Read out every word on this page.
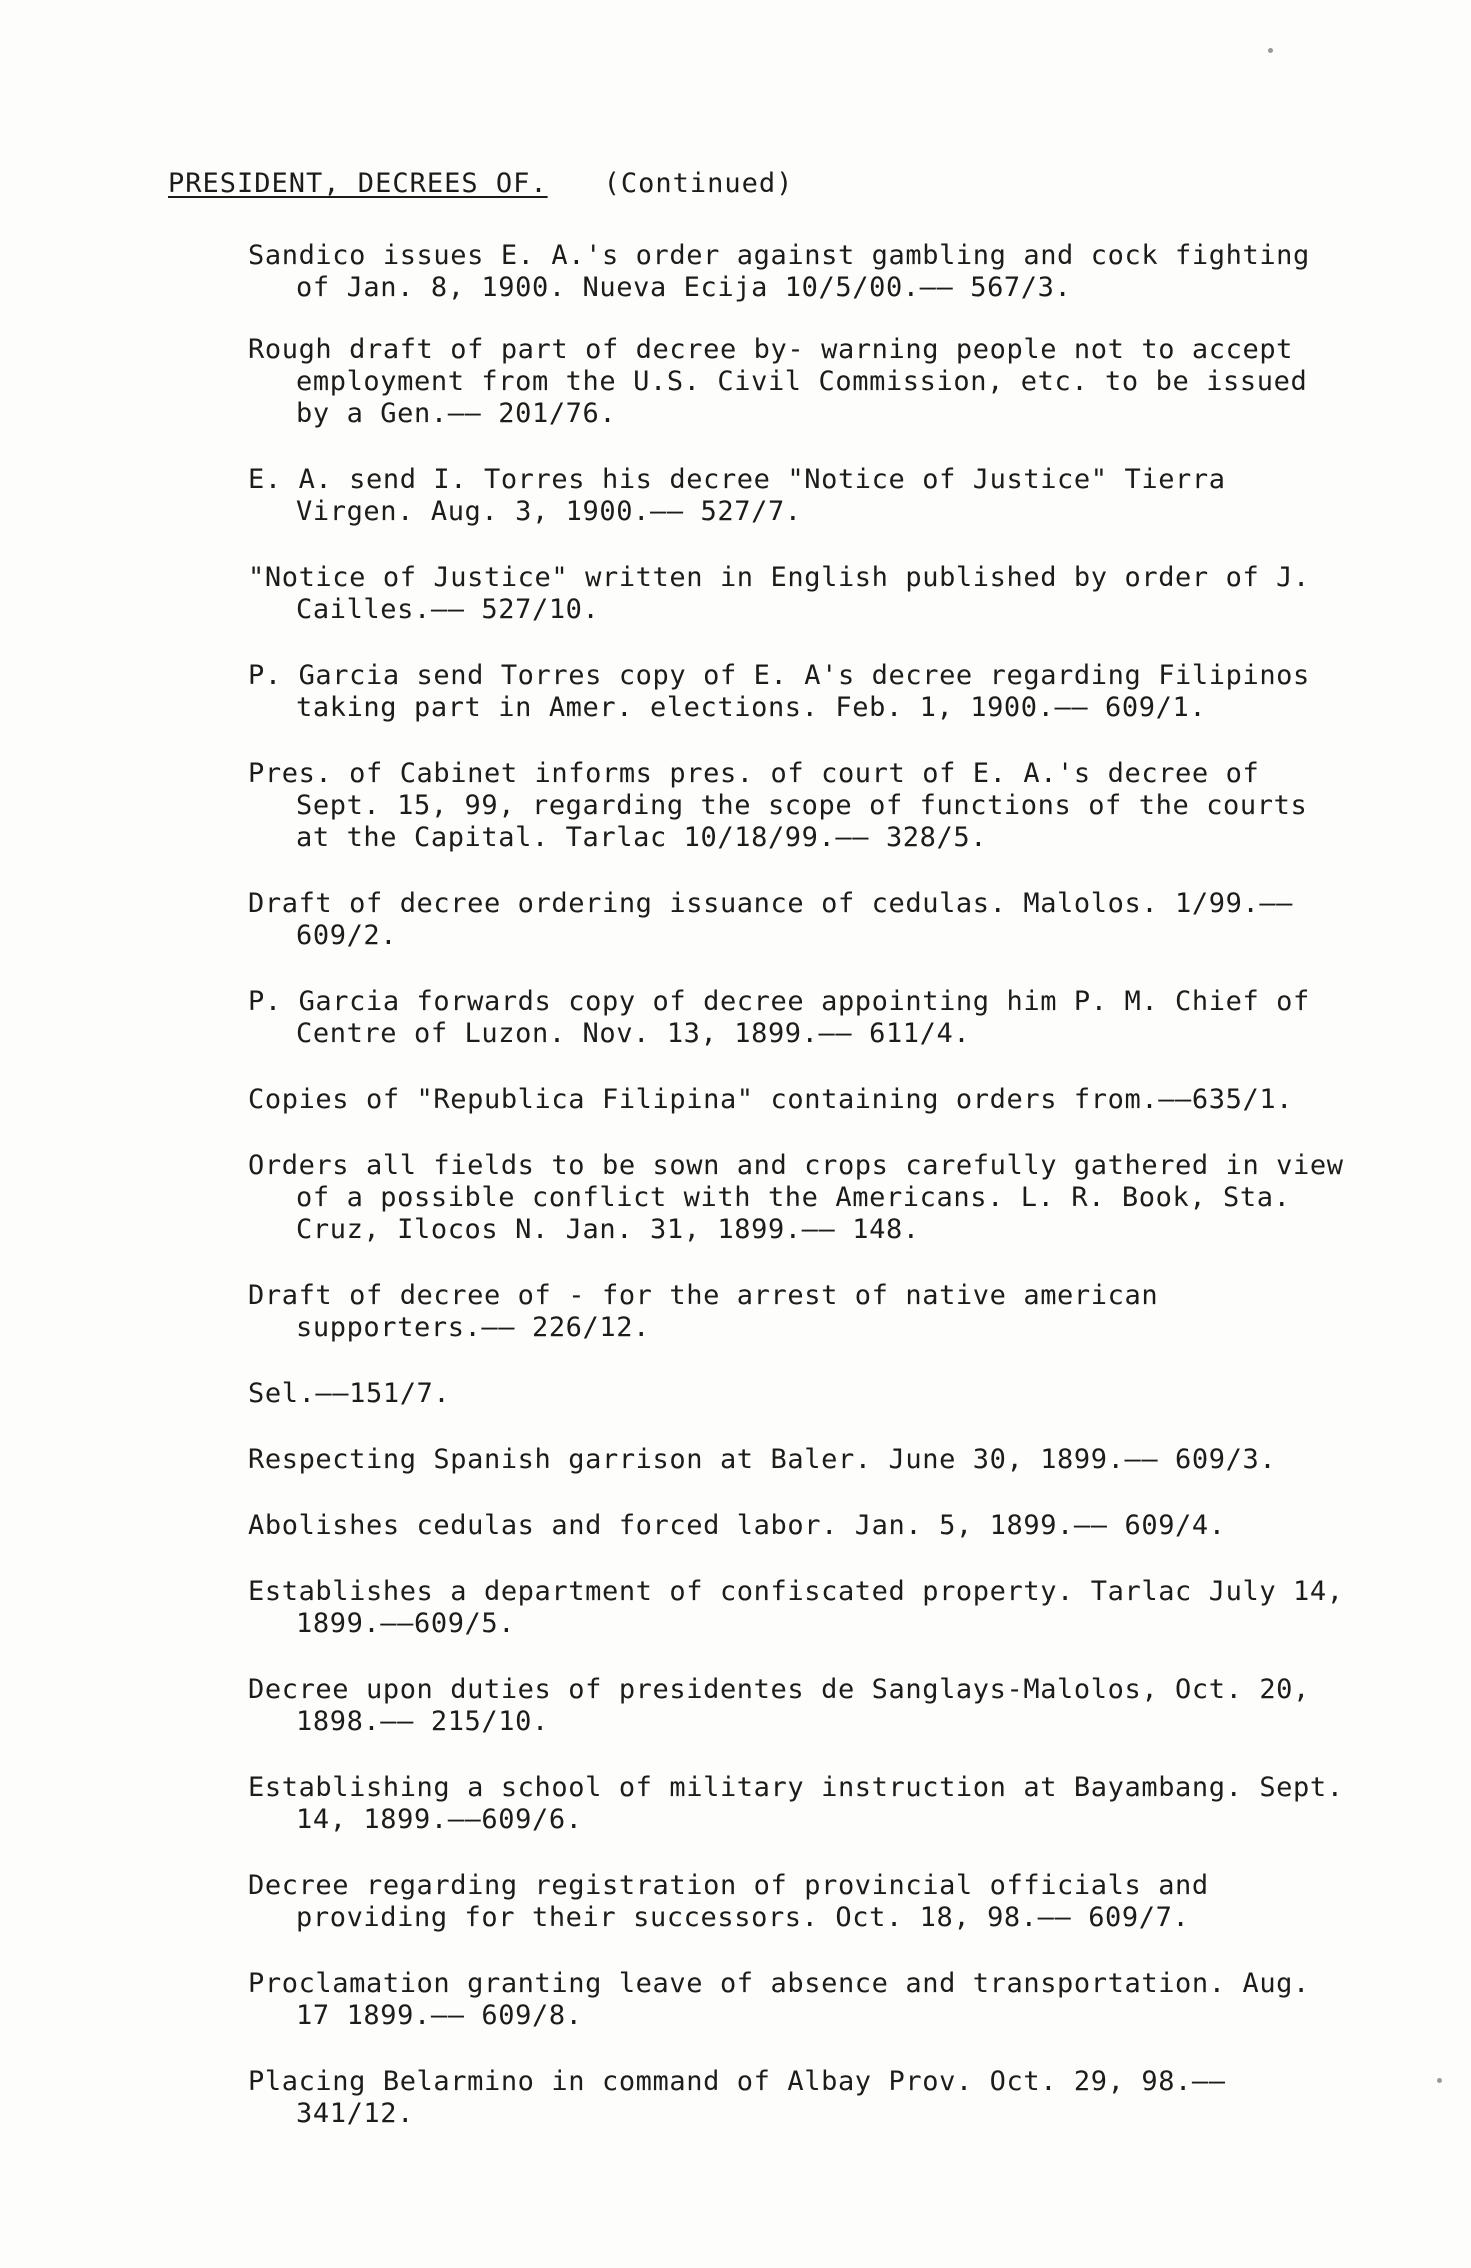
PRESIDENT, DECREES OF. (Continued)
Sandico issues E. A.'s order against gambling and cock fighting of Jan. 8, 1900. Nueva Ecija 10/5/00.—— 567/3.
Rough draft of part of decree by- warning people not to accept employment from the U.S. Civil Commission, etc. to be issued by a Gen.—— 201/76.
E. A. send I. Torres his decree "Notice of Justice" Tierra Virgen. Aug. 3, 1900.—— 527/7.
"Notice of Justice" written in English published by order of J. Cailles.—— 527/10.
P. Garcia send Torres copy of E. A's decree regarding Filipinos taking part in Amer. elections. Feb. 1, 1900.—— 609/1.
Pres. of Cabinet informs pres. of court of E. A.'s decree of Sept. 15, 99, regarding the scope of functions of the courts at the Capital. Tarlac 10/18/99.—— 328/5.
Draft of decree ordering issuance of cedulas. Malolos. 1/99.—— 609/2.
P. Garcia forwards copy of decree appointing him P. M. Chief of Centre of Luzon. Nov. 13, 1899.—— 611/4.
Copies of "Republica Filipina" containing orders from.——635/1.
Orders all fields to be sown and crops carefully gathered in view of a possible conflict with the Americans. L. R. Book, Sta. Cruz, Ilocos N. Jan. 31, 1899.—— 148.
Draft of decree of - for the arrest of native american supporters.—— 226/12.
Sel.——151/7.
Respecting Spanish garrison at Baler. June 30, 1899.—— 609/3.
Abolishes cedulas and forced labor. Jan. 5, 1899.—— 609/4.
Establishes a department of confiscated property. Tarlac July 14, 1899.——609/5.
Decree upon duties of presidentes de Sanglays-Malolos, Oct. 20, 1898.—— 215/10.
Establishing a school of military instruction at Bayambang. Sept. 14, 1899.——609/6.
Decree regarding registration of provincial officials and providing for their successors. Oct. 18, 98.—— 609/7.
Proclamation granting leave of absence and transportation. Aug. 17 1899.—— 609/8.
Placing Belarmino in command of Albay Prov. Oct. 29, 98.—— 341/12.
